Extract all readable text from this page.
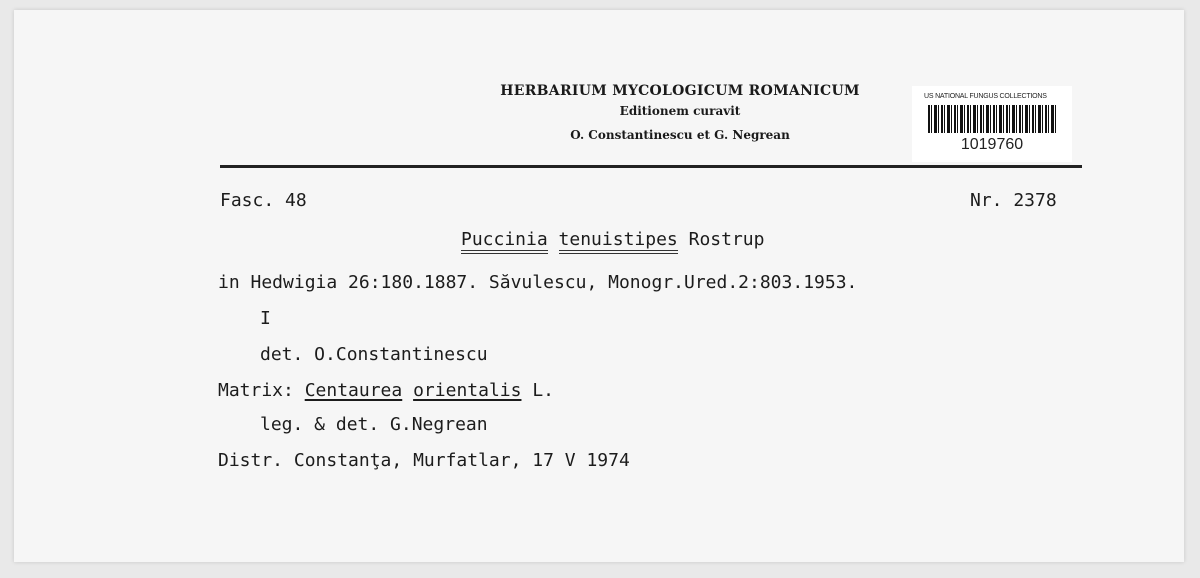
HERBARIUM MYCOLOGICUM ROMANICUM
Editionem curavit
O. Constantinescu et G. Negrean
US NATIONAL FUNGUS COLLECTIONS
1019760
Fasc. 48	Nr. 2378
Puccinia tenuistipes Rostrup
in Hedwigia 26:180.1887. Săvulescu, Monogr.Ured.2:803.1953.
I
det. O.Constantinescu
Matrix: Centaurea orientalis L.
leg. & det. G.Negrean
Distr. Constanţa, Murfatlar, 17 V 1974
